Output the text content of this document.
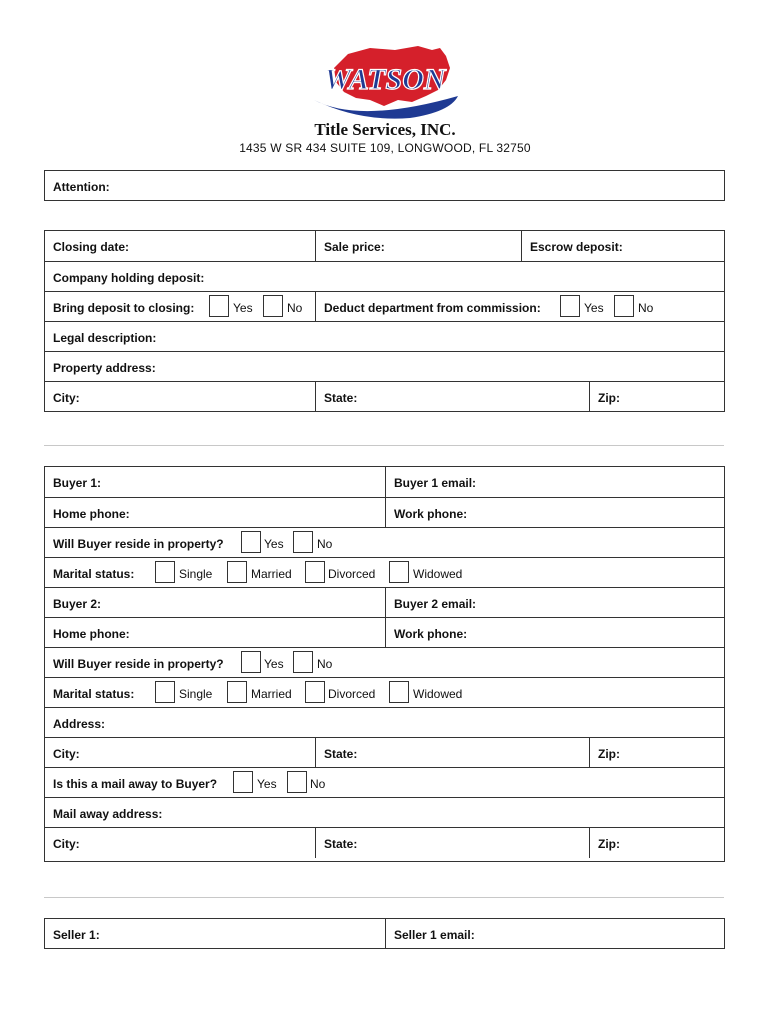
WATSON
Title Services, INC.
1435 W SR 434 SUITE 109, LONGWOOD, FL 32750
Attention:
Closing date:	Sale price:	Escrow deposit:
Company holding deposit:
Bring deposit to closing:	Yes	No Deduct department from commission:	Yes	No
Legal description:
Property address:
City:	State:	Zip:
Buyer 1:	Buyer 1 email:
Home phone:	Work phone:
Will Buyer reside in property?	Yes	No
Marital status:	Single	Married	Divorced	Widowed
Buyer 2:	Buyer 2 email:
Home phone:	Work phone:
Will Buyer reside in property?	Yes	No
Marital status:	Single	Married	Divorced	Widowed
Address:
City:	State:	Zip:
Is this a mail away to Buyer?	Yes	No
Mail away address:
City:	State:	Zip:
Seller 1:	Seller 1 email:
